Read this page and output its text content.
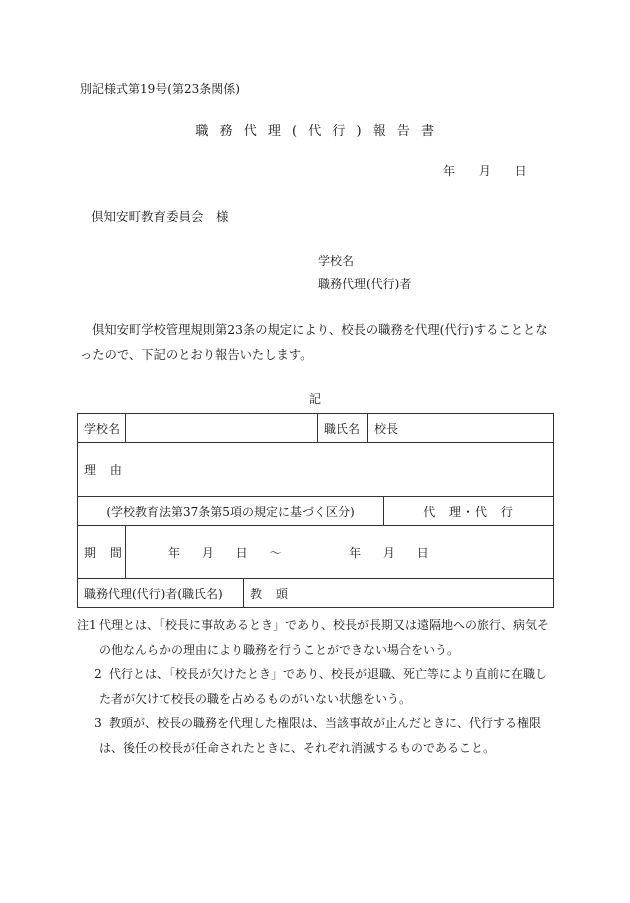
別記様式第19号(第23条関係)
職 務 代 理 ( 代 行 ) 報 告 書
年 月 日
倶知安町教育委員会　様
学校名
職務代理(代行)者
倶知安町学校管理規則第23条の規定により、校長の職務を代理(代行)することとなったので、下記のとおり報告いたします。
記
学校名			職氏名	校長	
理 由					
(学校教育法第37条第5項の規定に基づく区分)					代 理・代 行
期 間	年 月 日 〜 　　 年 月 日				
職務代理(代行)者(職氏名)		教 頭			
注1 代理とは、「校長に事故あるとき」であり、校長が長期又は遠隔地への旅行、病気その他なんらかの理由により職務を行うことができない場合をいう。
2 代行とは、「校長が欠けたとき」であり、校長が退職、死亡等により直前に在職した者が欠けて校長の職を占めるものがいない状態をいう。
3 教頭が、校長の職務を代理した権限は、当該事故が止んだときに、代行する権限は、後任の校長が任命されたときに、それぞれ消滅するものであること。
